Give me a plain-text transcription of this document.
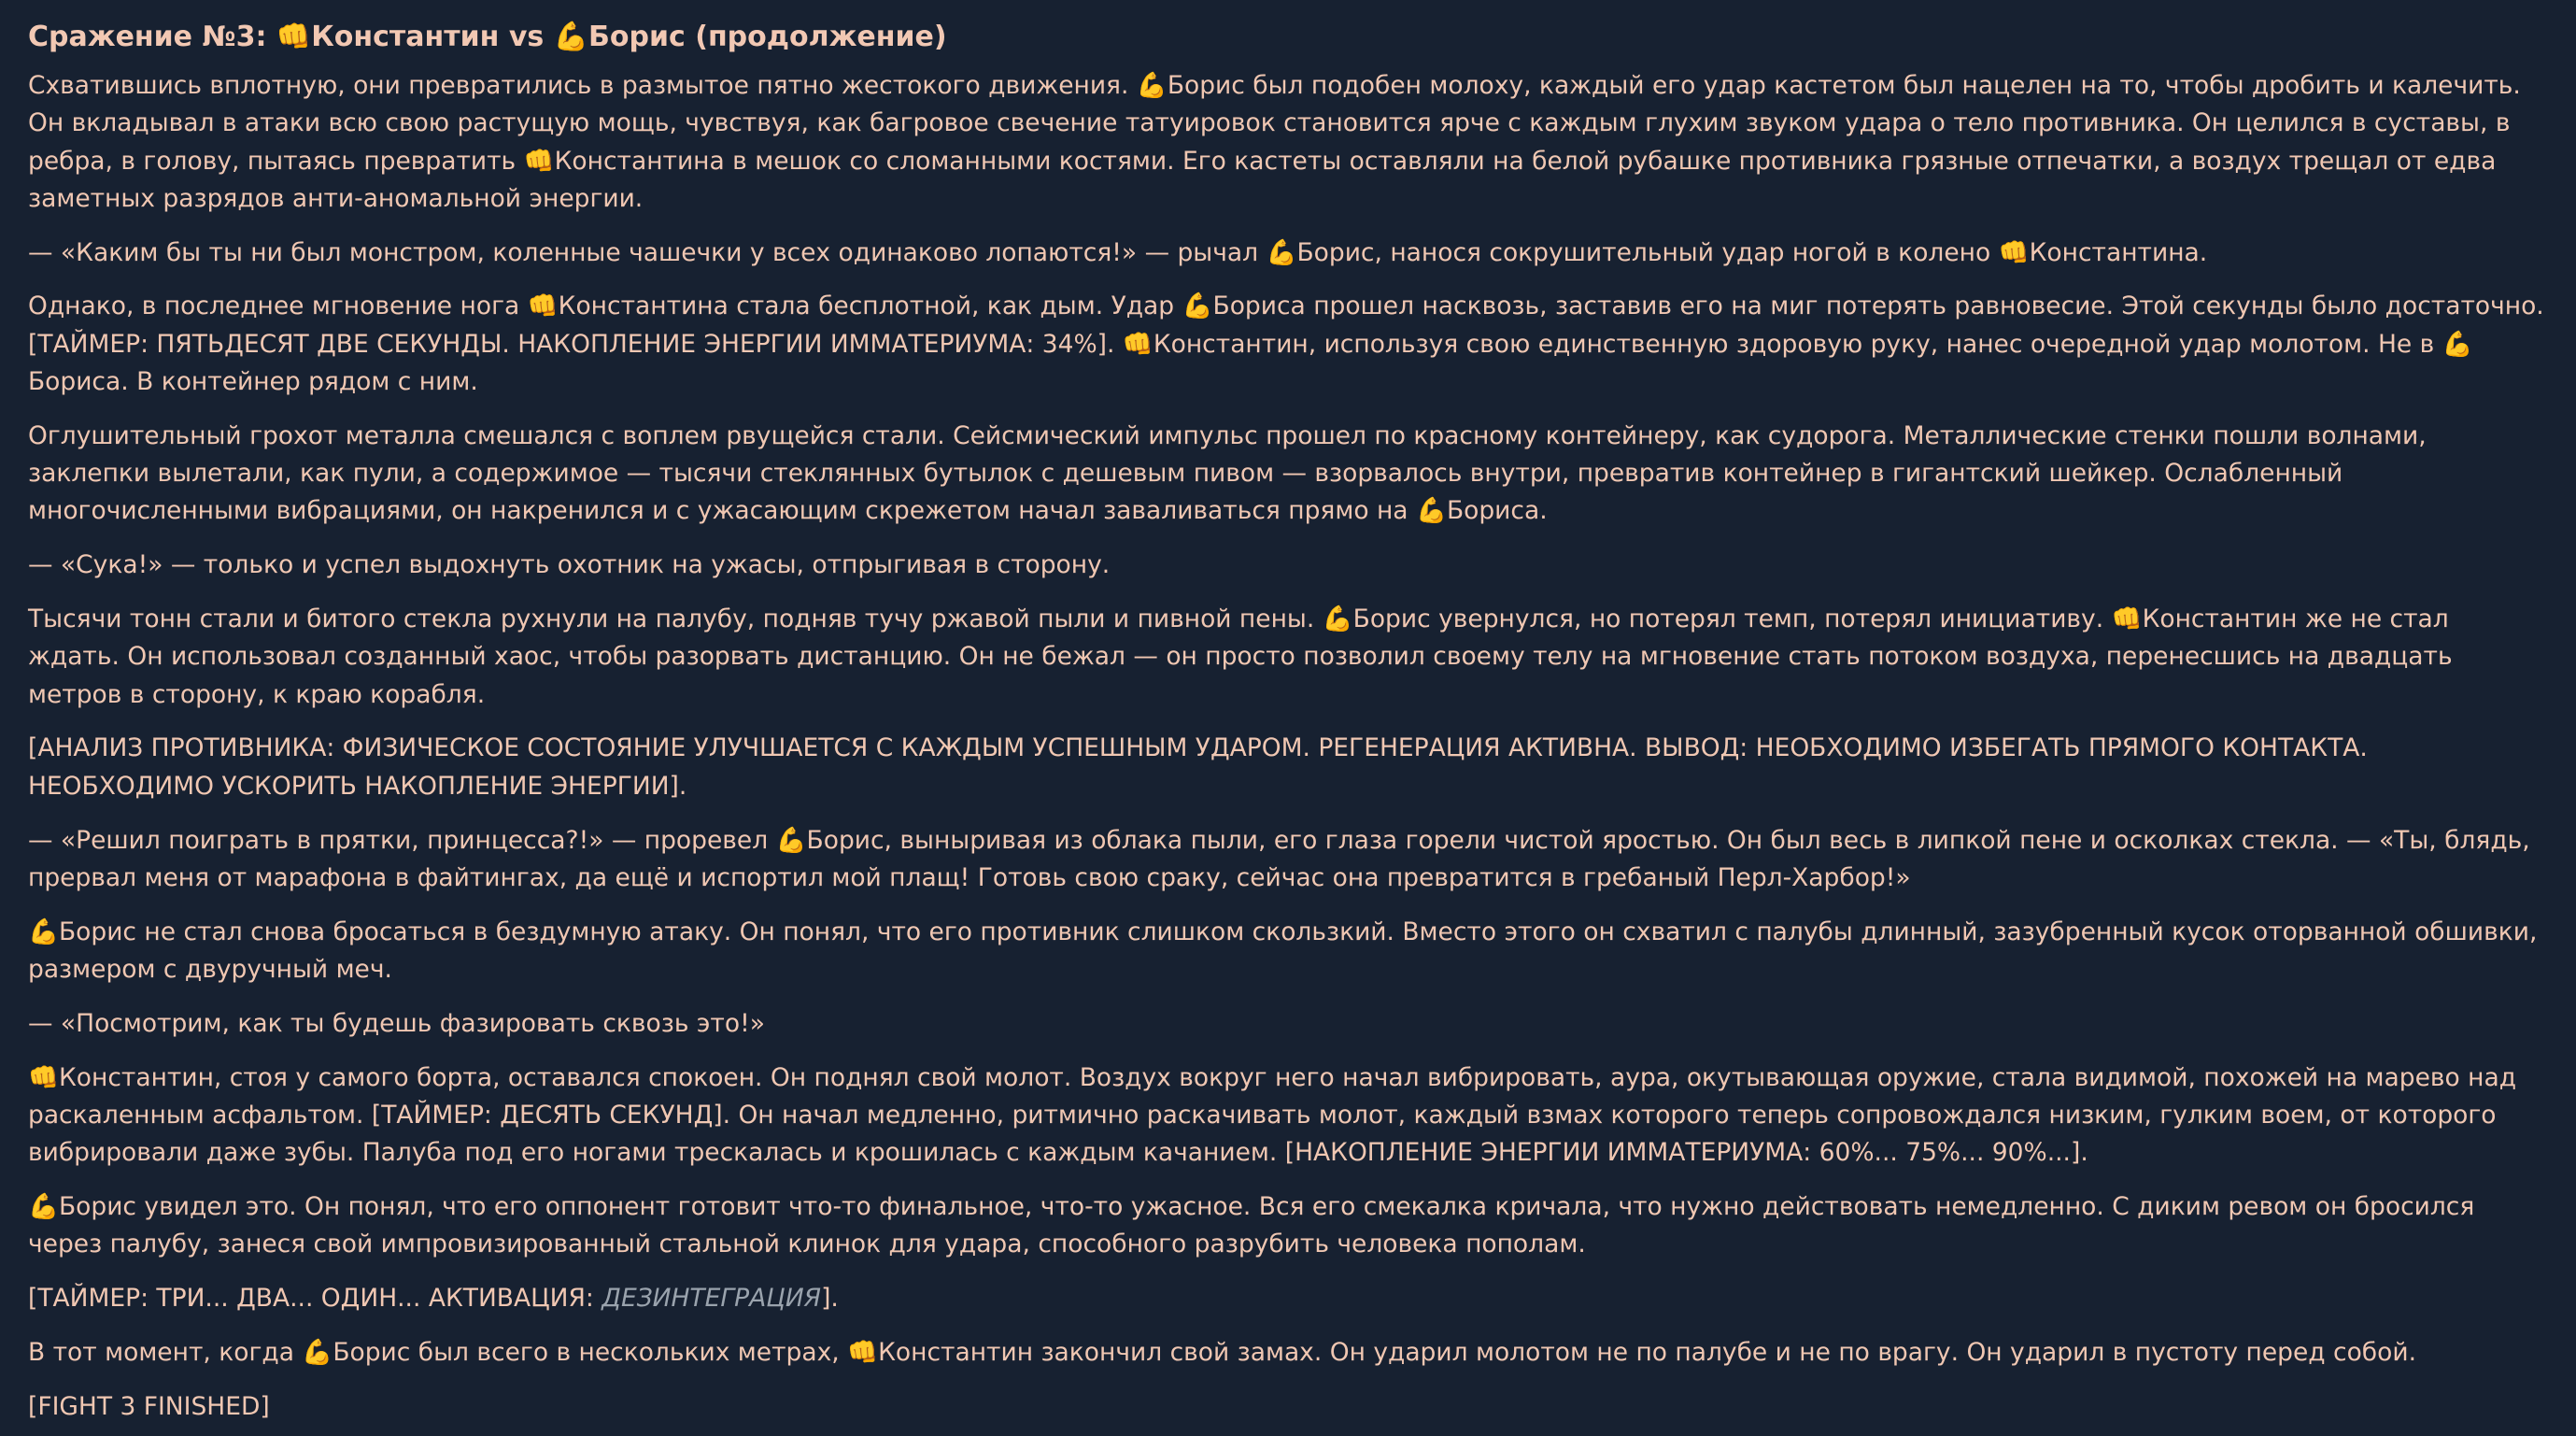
Сражение №3: 👊Константин vs 💪Борис (продолжение)
Схватившись вплотную, они превратились в размытое пятно жестокого движения. 💪Борис был подобен молоху, каждый его удар кастетом был нацелен на то, чтобы дробить и калечить. Он вкладывал в атаки всю свою растущую мощь, чувствуя, как багровое свечение татуировок становится ярче с каждым глухим звуком удара о тело противника. Он целился в суставы, в ребра, в голову, пытаясь превратить 👊Константина в мешок со сломанными костями. Его кастеты оставляли на белой рубашке противника грязные отпечатки, а воздух трещал от едва заметных разрядов анти-аномальной энергии.
— «Каким бы ты ни был монстром, коленные чашечки у всех одинаково лопаются!» — рычал 💪Борис, нанося сокрушительный удар ногой в колено 👊Константина.
Однако, в последнее мгновение нога 👊Константина стала бесплотной, как дым. Удар 💪Бориса прошел насквозь, заставив его на миг потерять равновесие. Этой секунды было достаточно. [ТАЙМЕР: ПЯТЬДЕСЯТ ДВЕ СЕКУНДЫ. НАКОПЛЕНИЕ ЭНЕРГИИ ИММАТЕРИУМА: 34%]. 👊Константин, используя свою единственную здоровую руку, нанес очередной удар молотом. Не в 💪Бориса. В контейнер рядом с ним.
Оглушительный грохот металла смешался с воплем рвущейся стали. Сейсмический импульс прошел по красному контейнеру, как судорога. Металлические стенки пошли волнами, заклепки вылетали, как пули, а содержимое — тысячи стеклянных бутылок с дешевым пивом — взорвалось внутри, превратив контейнер в гигантский шейкер. Ослабленный многочисленными вибрациями, он накренился и с ужасающим скрежетом начал заваливаться прямо на 💪Бориса.
— «Сука!» — только и успел выдохнуть охотник на ужасы, отпрыгивая в сторону.
Тысячи тонн стали и битого стекла рухнули на палубу, подняв тучу ржавой пыли и пивной пены. 💪Борис увернулся, но потерял темп, потерял инициативу. 👊Константин же не стал ждать. Он использовал созданный хаос, чтобы разорвать дистанцию. Он не бежал — он просто позволил своему телу на мгновение стать потоком воздуха, перенесшись на двадцать метров в сторону, к краю корабля.
[АНАЛИЗ ПРОТИВНИКА: ФИЗИЧЕСКОЕ СОСТОЯНИЕ УЛУЧШАЕТСЯ С КАЖДЫМ УСПЕШНЫМ УДАРОМ. РЕГЕНЕРАЦИЯ АКТИВНА. ВЫВОД: НЕОБХОДИМО ИЗБЕГАТЬ ПРЯМОГО КОНТАКТА. НЕОБХОДИМО УСКОРИТЬ НАКОПЛЕНИЕ ЭНЕРГИИ].
— «Решил поиграть в прятки, принцесса?!» — проревел 💪Борис, выныривая из облака пыли, его глаза горели чистой яростью. Он был весь в липкой пене и осколках стекла. — «Ты, блядь, прервал меня от марафона в файтингах, да ещё и испортил мой плащ! Готовь свою сраку, сейчас она превратится в гребаный Перл-Харбор!»
💪Борис не стал снова бросаться в бездумную атаку. Он понял, что его противник слишком скользкий. Вместо этого он схватил с палубы длинный, зазубренный кусок оторванной обшивки, размером с двуручный меч.
— «Посмотрим, как ты будешь фазировать сквозь это!»
👊Константин, стоя у самого борта, оставался спокоен. Он поднял свой молот. Воздух вокруг него начал вибрировать, аура, окутывающая оружие, стала видимой, похожей на марево над раскаленным асфальтом. [ТАЙМЕР: ДЕСЯТЬ СЕКУНД]. Он начал медленно, ритмично раскачивать молот, каждый взмах которого теперь сопровождался низким, гулким воем, от которого вибрировали даже зубы. Палуба под его ногами трескалась и крошилась с каждым качанием. [НАКОПЛЕНИЕ ЭНЕРГИИ ИММАТЕРИУМА: 60%... 75%... 90%...].
💪Борис увидел это. Он понял, что его оппонент готовит что-то финальное, что-то ужасное. Вся его смекалка кричала, что нужно действовать немедленно. С диким ревом он бросился через палубу, занеся свой импровизированный стальной клинок для удара, способного разрубить человека пополам.
[ТАЙМЕР: ТРИ... ДВА... ОДИН... АКТИВАЦИЯ: ДЕЗИНТЕГРАЦИЯ].
В тот момент, когда 💪Борис был всего в нескольких метрах, 👊Константин закончил свой замах. Он ударил молотом не по палубе и не по врагу. Он ударил в пустоту перед собой.
[FIGHT 3 FINISHED]
